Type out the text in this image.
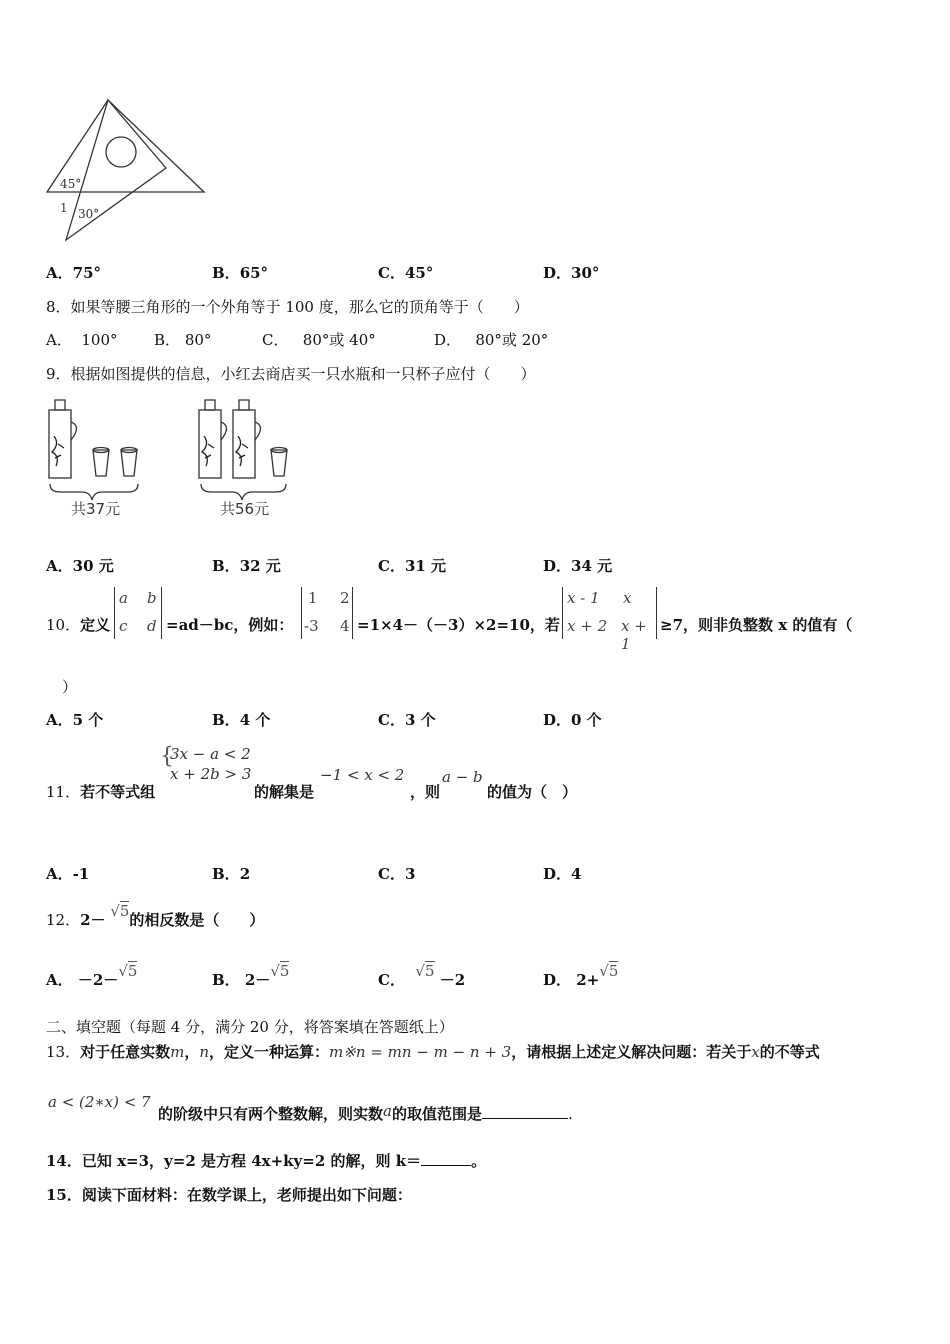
45°
1 30°
A．75°	B．65°	C．45°	D．30°
8．如果等腰三角形的一个外角等于 100 度，那么它的顶角等于（　　）
A． 100° B． 80°	C． 80°或 40°	D． 80°或 20°
9．根据如图提供的信息，小红去商店买一只水瓶和一只杯子应付（　　）
共37元	共56元
A．30 元	B．32 元	C．31 元	D．34 元
10．定义
a b
c d =ad－bc，例如：
1 2
-3 4 =1×4－（－3）×2=10，若
x - 1 x
x + 2 x + 1
≥7，则非负整数 x 的值有（
）
A．5 个	B．4 个	C．3 个	D．0 个
11．若不等式组
{
3x − a < 2
x + 2b > 3
的解集是
−1 < x < 2
，则
a − b
的值为（　）
A．-1	B．2	C．3	D．4
12．2－ √5的相反数是（　　）
A． －2－√5	B． 2－√5	C． √5 －2	D． 2+√5
二、填空题（每题 4 分，满分 20 分，将答案填在答题纸上）
13．对于任意实数m，n，定义一种运算：m※n = mn − m − n + 3，请根据上述定义解决问题：若关于x的不等式
a < (2∗x) < 7
的阶级中只有两个整数解，则实数a的取值范围是	.
14．已知 x=3，y=2 是方程 4x+ky=2 的解，则 k＝	。
15．阅读下面材料：在数学课上，老师提出如下问题：
